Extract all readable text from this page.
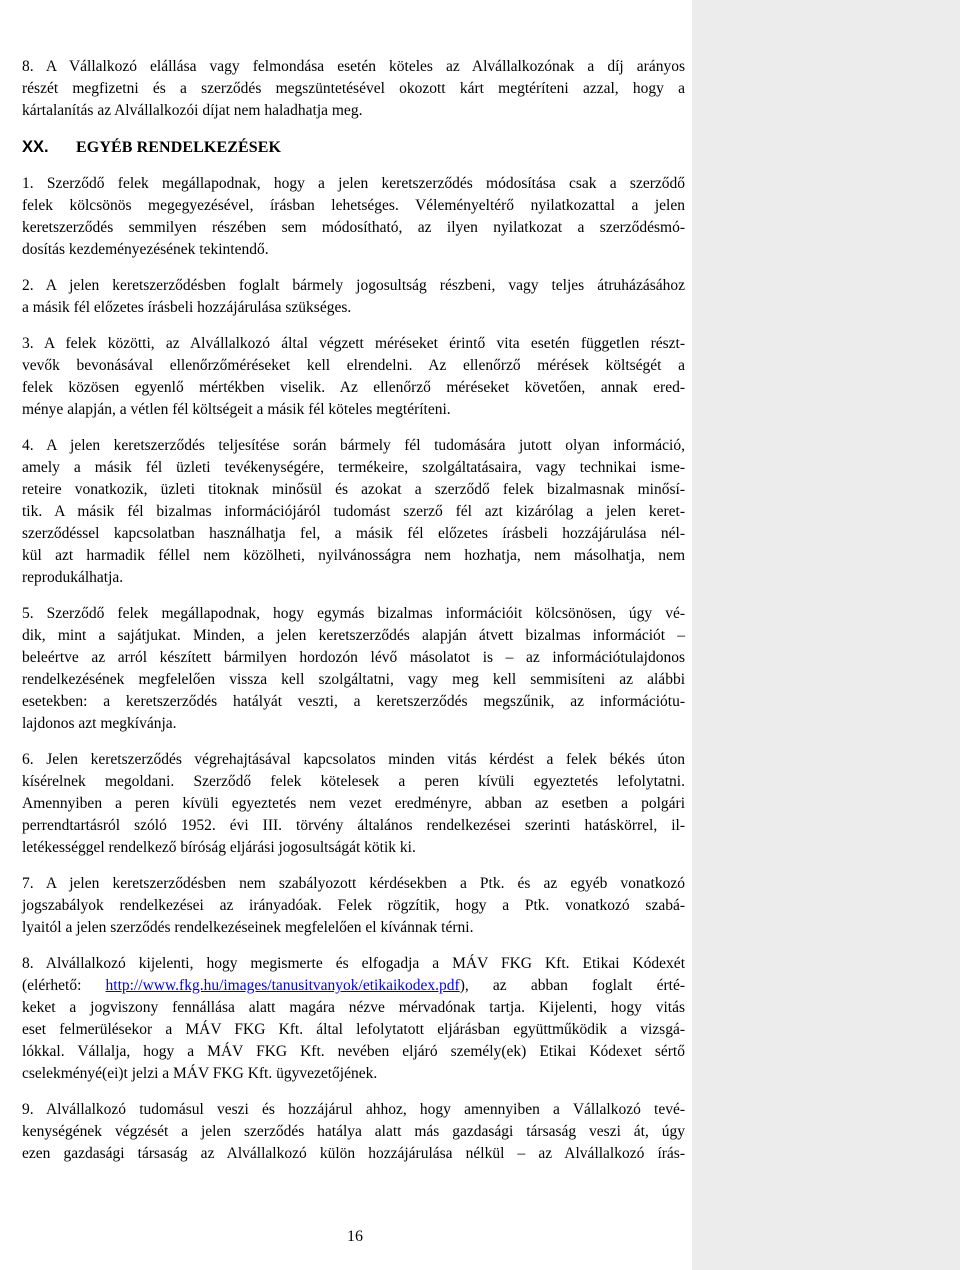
8. A Vállalkozó elállása vagy felmondása esetén köteles az Alvállalkozónak a díj arányos
részét megfizetni és a szerződés megszüntetésével okozott kárt megtéríteni azzal, hogy a
kártalanítás az Alvállalkozói díjat nem haladhatja meg.

XX.	EGYÉB RENDELKEZÉSEK

1. Szerződő felek megállapodnak, hogy a jelen keretszerződés módosítása csak a szerződő
felek kölcsönös megegyezésével, írásban lehetséges. Véleményeltérő nyilatkozattal a jelen
keretszerződés semmilyen részében sem módosítható, az ilyen nyilatkozat a szerződésmó-
dosítás kezdeményezésének tekintendő.

2. A jelen keretszerződésben foglalt bármely jogosultság részbeni, vagy teljes átruházásához
a másik fél előzetes írásbeli hozzájárulása szükséges.

3. A felek közötti, az Alvállalkozó által végzett méréseket érintő vita esetén független részt-
vevők bevonásával ellenőrzőméréseket kell elrendelni. Az ellenőrző mérések költségét a
felek közösen egyenlő mértékben viselik. Az ellenőrző méréseket követően, annak ered-
ménye alapján, a vétlen fél költségeit a másik fél köteles megtéríteni.

4. A jelen keretszerződés teljesítése során bármely fél tudomására jutott olyan információ,
amely a másik fél üzleti tevékenységére, termékeire, szolgáltatásaira, vagy technikai isme-
reteire vonatkozik, üzleti titoknak minősül és azokat a szerződő felek bizalmasnak minősí-
tik. A másik fél bizalmas információjáról tudomást szerző fél azt kizárólag a jelen keret-
szerződéssel kapcsolatban használhatja fel, a másik fél előzetes írásbeli hozzájárulása nél-
kül azt harmadik féllel nem közölheti, nyilvánosságra nem hozhatja, nem másolhatja, nem
reprodukálhatja.

5. Szerződő felek megállapodnak, hogy egymás bizalmas információit kölcsönösen, úgy vé-
dik, mint a sajátjukat. Minden, a jelen keretszerződés alapján átvett bizalmas információt –
beleértve az arról készített bármilyen hordozón lévő másolatot is – az információtulajdonos
rendelkezésének megfelelően vissza kell szolgáltatni, vagy meg kell semmisíteni az alábbi
esetekben: a keretszerződés hatályát veszti, a keretszerződés megszűnik, az információtu-
lajdonos azt megkívánja.

6. Jelen keretszerződés végrehajtásával kapcsolatos minden vitás kérdést a felek békés úton
kísérelnek megoldani. Szerződő felek kötelesek a peren kívüli egyeztetés lefolytatni.
Amennyiben a peren kívüli egyeztetés nem vezet eredményre, abban az esetben a polgári
perrendtartásról szóló 1952. évi III. törvény általános rendelkezései szerinti hatáskörrel, il-
letékességgel rendelkező bíróság eljárási jogosultságát kötik ki.

7. A jelen keretszerződésben nem szabályozott kérdésekben a Ptk. és az egyéb vonatkozó
jogszabályok rendelkezései az irányadóak. Felek rögzítik, hogy a Ptk. vonatkozó szabá-
lyaitól a jelen szerződés rendelkezéseinek megfelelően el kívánnak térni.

8. Alvállalkozó kijelenti, hogy megismerte és elfogadja a MÁV FKG Kft. Etikai Kódexét
(elérhető: http://www.fkg.hu/images/tanusitvanyok/etikaikodex.pdf), az abban foglalt érté-
keket a jogviszony fennállása alatt magára nézve mérvadónak tartja. Kijelenti, hogy vitás
eset felmerülésekor a MÁV FKG Kft. által lefolytatott eljárásban együttműködik a vizsgá-
lókkal. Vállalja, hogy a MÁV FKG Kft. nevében eljáró személy(ek) Etikai Kódexet sértő
cselekményé(ei)t jelzi a MÁV FKG Kft. ügyvezetőjének.

9. Alvállalkozó tudomásul veszi és hozzájárul ahhoz, hogy amennyiben a Vállalkozó tevé-
kenységének végzését a jelen szerződés hatálya alatt más gazdasági társaság veszi át, úgy
ezen gazdasági társaság az Alvállalkozó külön hozzájárulása nélkül – az Alvállalkozó írás-

16
